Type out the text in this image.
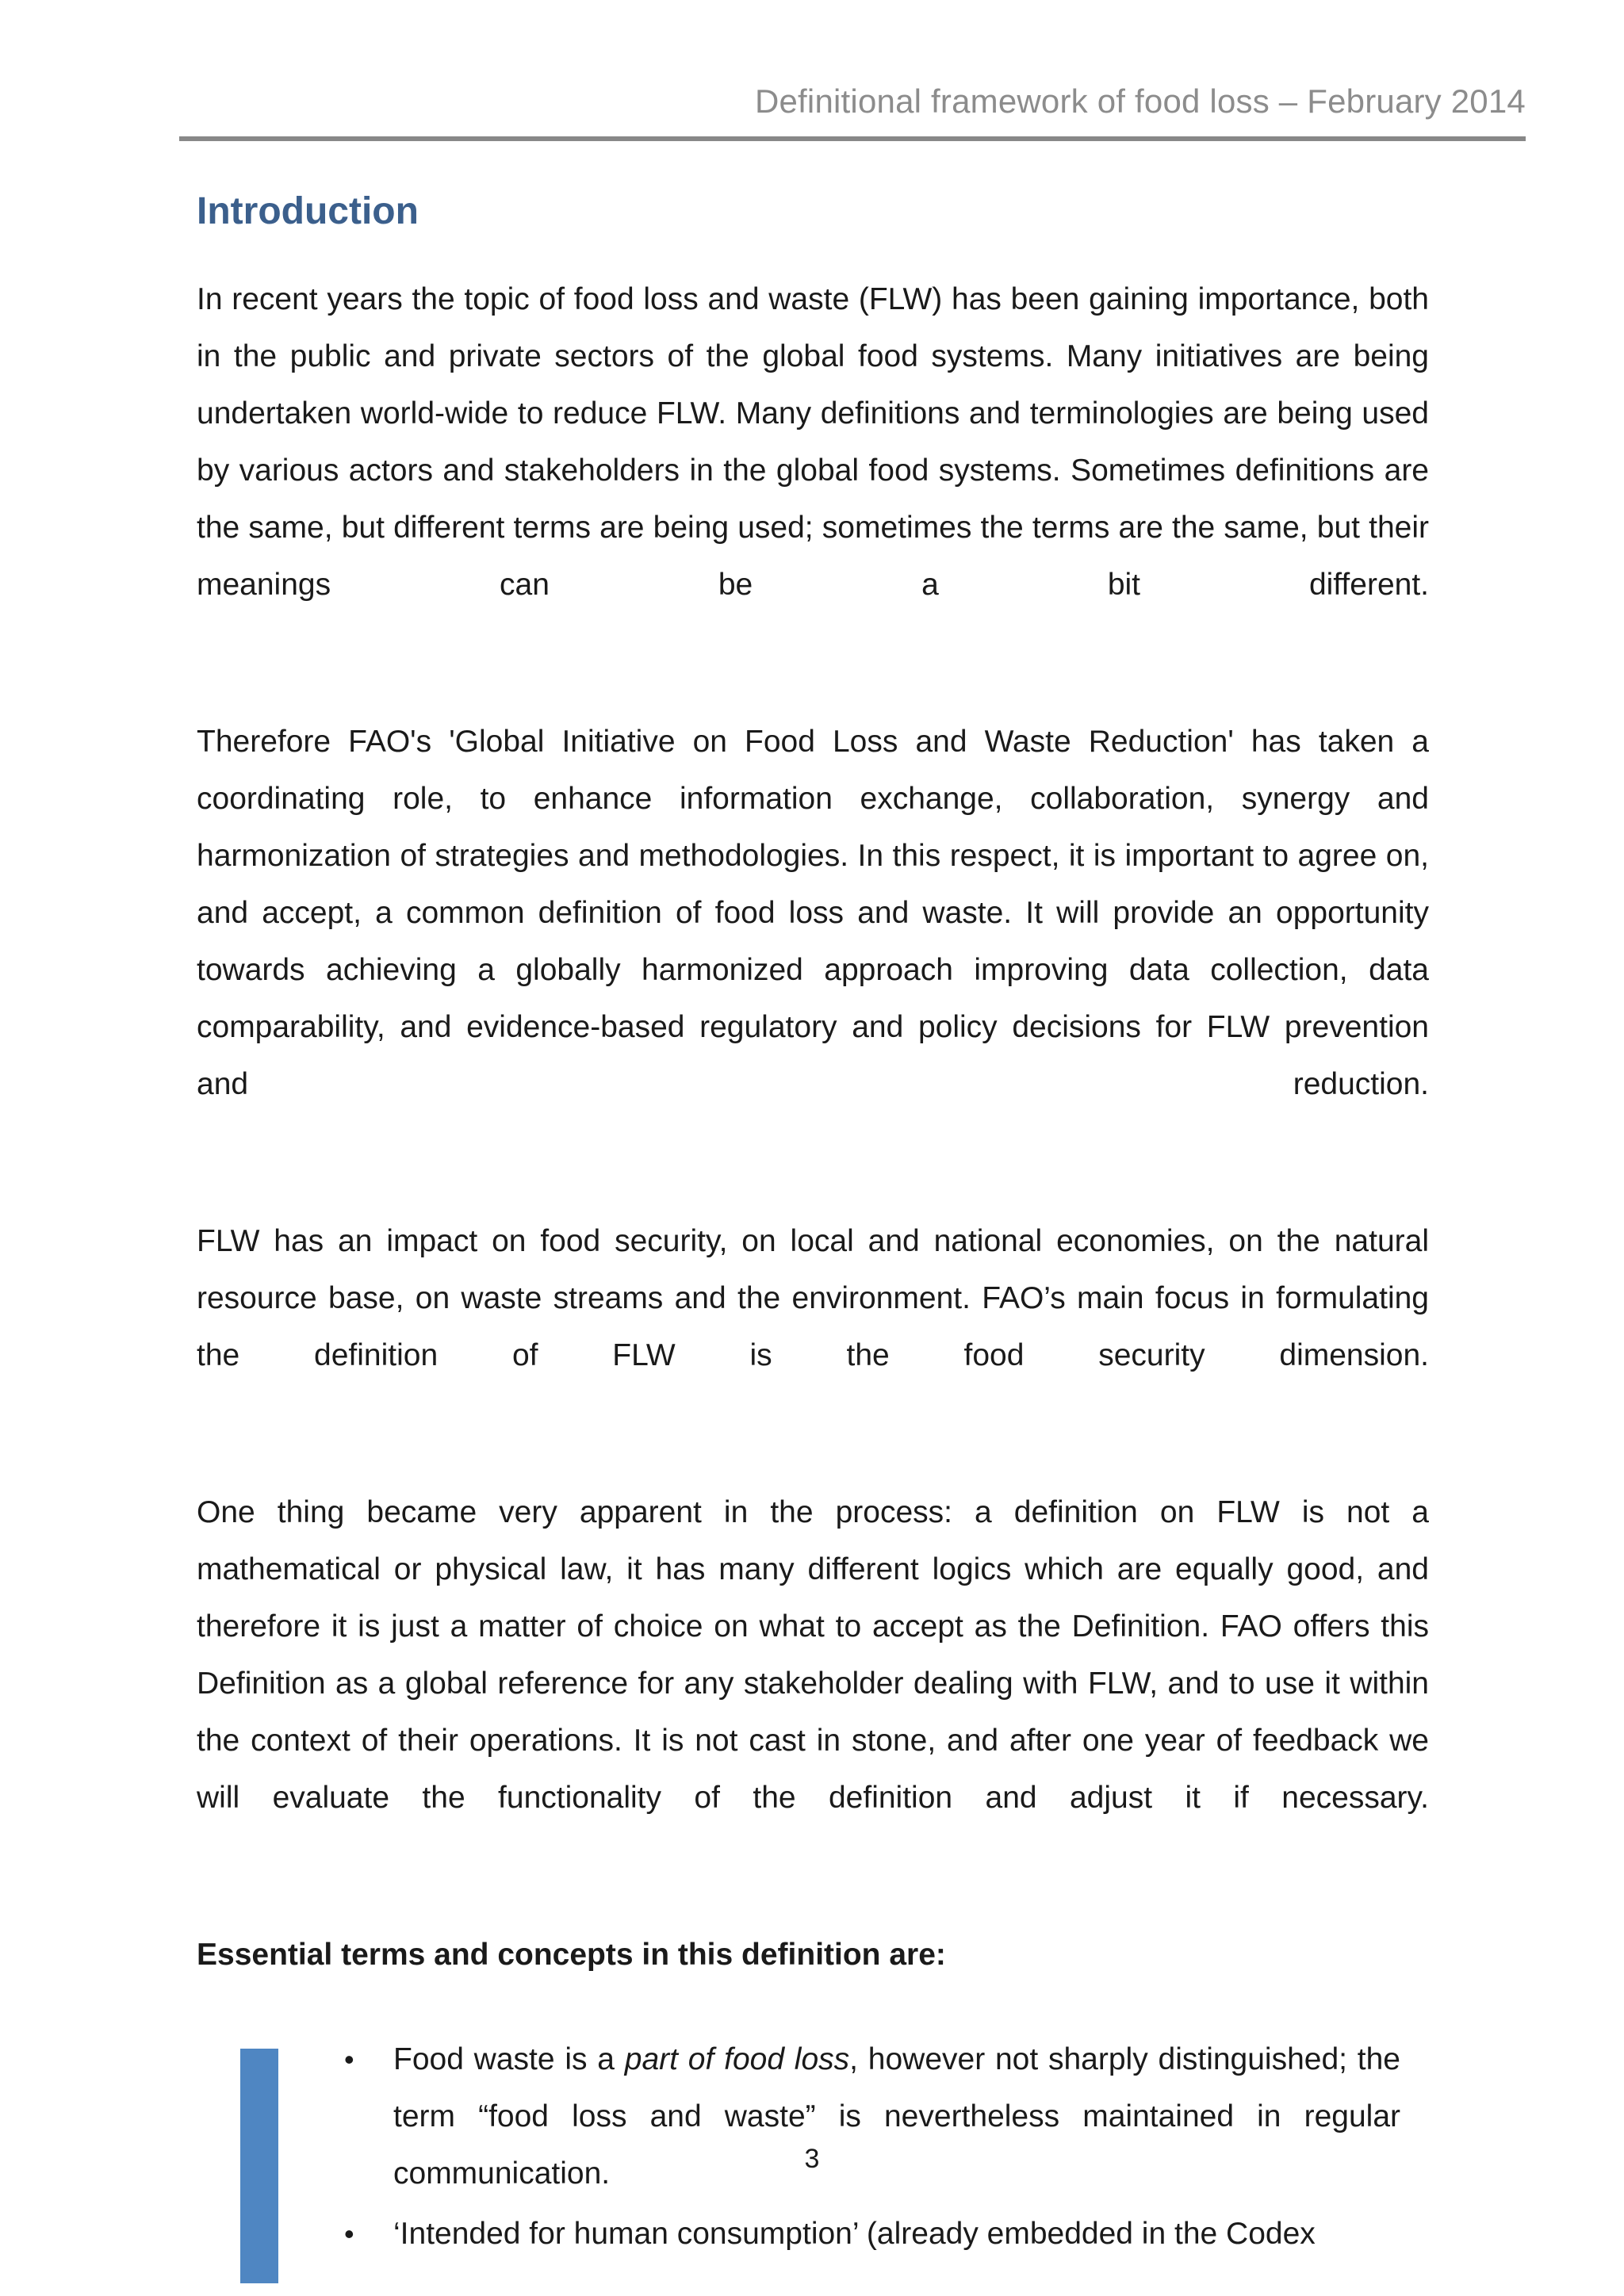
Definitional framework of food loss – February 2014
Introduction

In recent years the topic of food loss and waste (FLW) has been gaining importance, both in the public and private sectors of the global food systems. Many initiatives are being undertaken world-wide to reduce FLW. Many definitions and terminologies are being used by various actors and stakeholders in the global food systems. Sometimes definitions are the same, but different terms are being used; sometimes the terms are the same, but their meanings can be a bit different.

Therefore FAO's 'Global Initiative on Food Loss and Waste Reduction' has taken a coordinating role, to enhance information exchange, collaboration, synergy and harmonization of strategies and methodologies. In this respect, it is important to agree on, and accept, a common definition of food loss and waste. It will provide an opportunity towards achieving a globally harmonized approach improving data collection, data comparability, and evidence-based regulatory and policy decisions for FLW prevention and reduction.

FLW has an impact on food security, on local and national economies, on the natural resource base, on waste streams and the environment. FAO’s main focus in formulating the definition of FLW is the food security dimension.

One thing became very apparent in the process: a definition on FLW is not a mathematical or physical law, it has many different logics which are equally good, and therefore it is just a matter of choice on what to accept as the Definition. FAO offers this Definition as a global reference for any stakeholder dealing with FLW, and to use it within the context of their operations. It is not cast in stone, and after one year of feedback we will evaluate the functionality of the definition and adjust it if necessary.

Essential terms and concepts in this definition are:
• Food waste is a part of food loss, however not sharply distinguished; the term “food loss and waste” is nevertheless maintained in regular communication.
• ‘Intended for human consumption’ (already embedded in the Codex
3
